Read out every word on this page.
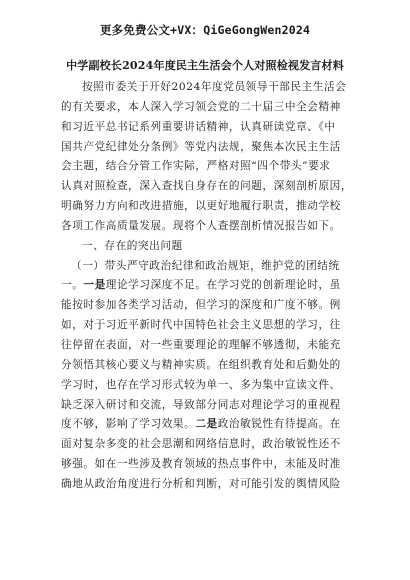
更多免费公文+VX：QiGeGongWen2024
中学副校长2024年度民主生活会个人对照检视发言材料
按照市委关于开好2024年度党员领导干部民主生活会
的有关要求，本人深入学习领会党的二十届三中全会精神
和习近平总书记系列重要讲话精神，认真研读党章、《中
国共产党纪律处分条例》等党内法规，聚焦本次民主生活
会主题，结合分管工作实际，严格对照“四个带头”要求
认真对照检查，深入查找自身存在的问题，深刻剖析原因，
明确努力方向和改进措施，以更好地履行职责，推动学校
各项工作高质量发展。现将个人查摆剖析情况报告如下。
一、存在的突出问题
（一）带头严守政治纪律和政治规矩，维护党的团结统
一。一是理论学习深度不足。在学习党的创新理论时，虽
能按时参加各类学习活动，但学习的深度和广度不够。例
如，对于习近平新时代中国特色社会主义思想的学习，往
往停留在表面，对一些重要理论的理解不够透彻，未能充
分领悟其核心要义与精神实质。在组织教育处和后勤处的
学习时，也存在学习形式较为单一、多为集中宣读文件、
缺乏深入研讨和交流，导致部分同志对理论学习的重视程
度不够，影响了学习效果。二是政治敏锐性有待提高。在
面对复杂多变的社会思潮和网络信息时，政治敏锐性还不
够强。如在一些涉及教育领域的热点事件中，未能及时准
确地从政治角度进行分析和判断，对可能引发的舆情风险
